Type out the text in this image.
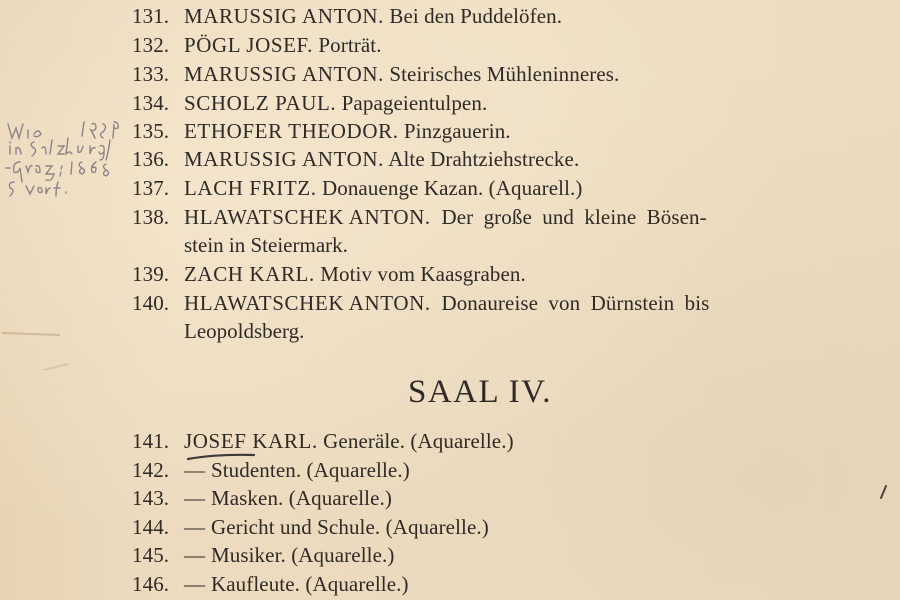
131. MARUSSIG ANTON. Bei den Puddelöfen.
132. PÖGL JOSEF. Porträt.
133. MARUSSIG ANTON. Steirisches Mühleninneres.
134. SCHOLZ PAUL. Papageientulpen.
135. ETHOFER THEODOR. Pinzgauerin.
136. MARUSSIG ANTON. Alte Drahtziehstrecke.
137. LACH FRITZ. Donauenge Kazan. (Aquarell.)
138. HLAWATSCHEK ANTON. Der große und kleine Bösen-
stein in Steiermark.
139. ZACH KARL. Motiv vom Kaasgraben.
140. HLAWATSCHEK ANTON. Donaureise von Dürnstein bis
Leopoldsberg.
SAAL IV.
141. JOSEF KARL. Generäle. (Aquarelle.)
142. — Studenten. (Aquarelle.)
143. — Masken. (Aquarelle.)
144. — Gericht und Schule. (Aquarelle.)
145. — Musiker. (Aquarelle.)
146. — Kaufleute. (Aquarelle.)
